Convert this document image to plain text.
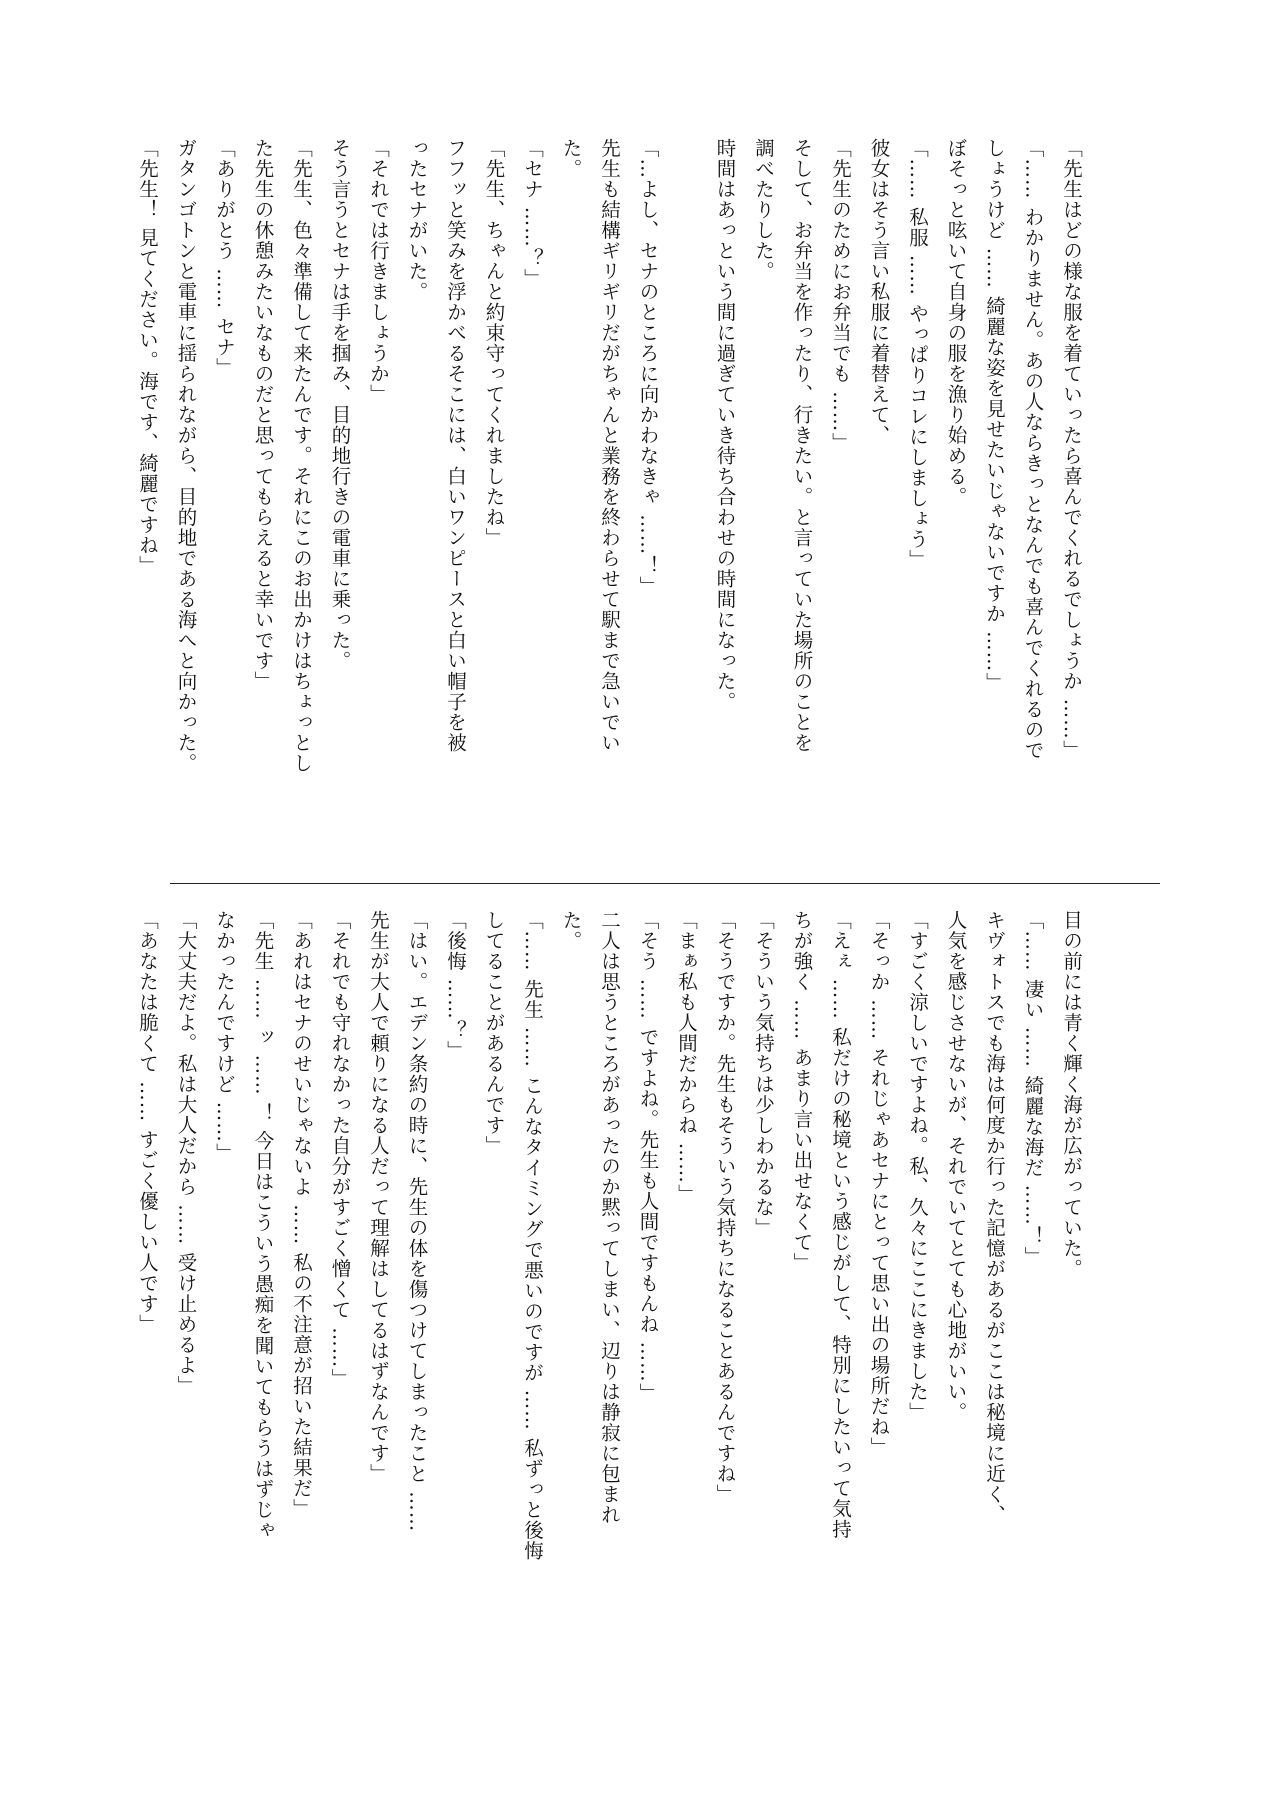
「先生はどの様な服を着ていったら喜んでくれるでしょうか ……」
「…… わかりません。あの人ならきっとなんでも喜んでくれるので
しょうけど …… 綺麗な姿を見せたいじゃないですか ……」
ぼそっと呟いて自身の服を漁り始める。
「…… 私服 …… やっぱりコレにしましょう」
彼女はそう言い私服に着替えて、
「先生のためにお弁当でも ……」
そして、お弁当を作ったり、行きたい。と言っていた場所のことを
調べたりした。
時間はあっという間に過ぎていき待ち合わせの時間になった。

「…よし、セナのところに向かわなきゃ ……！」
先生も結構ギリギリだがちゃんと業務を終わらせて駅まで急いでい
た。
「セナ ……？」
「先生、ちゃんと約束守ってくれましたね」
フフッと笑みを浮かべるそこには、白いワンピースと白い帽子を被
ったセナがいた。
「それでは行きましょうか」
そう言うとセナは手を掴み、目的地行きの電車に乗った。
「先生、色々準備して来たんです。それにこのお出かけはちょっとし
た先生の休憩みたいなものだと思ってもらえると幸いです」
「ありがとう …… セナ」
ガタンゴトンと電車に揺られながら、目的地である海へと向かった。
「先生！ 見てください。海です、綺麗ですね」
目の前には青く輝く海が広がっていた。
「…… 凄い …… 綺麗な海だ ……！」
キヴォトスでも海は何度か行った記憶があるがここは秘境に近く、
人気を感じさせないが、それでいてとても心地がいい。
「すごく涼しいですよね。私、久々にここにきました」
「そっか …… それじゃあセナにとって思い出の場所だね」
「えぇ …… 私だけの秘境という感じがして、特別にしたいって気持
ちが強く …… あまり言い出せなくて」
「そういう気持ちは少しわかるな」
「そうですか。先生もそういう気持ちになることあるんですね」
「まぁ私も人間だからね ……」
「そう …… ですよね。先生も人間ですもんね ……」
二人は思うところがあったのか黙ってしまい、辺りは静寂に包まれ
た。
「…… 先生 …… こんなタイミングで悪いのですが …… 私ずっと後悔
してることがあるんです」
「後悔 ……？」
「はい。エデン条約の時に、先生の体を傷つけてしまったこと ……
先生が大人で頼りになる人だって理解はしてるはずなんです」
「それでも守れなかった自分がすごく憎くて ……」
「あれはセナのせいじゃないよ …… 私の不注意が招いた結果だ」
「先生 …… ッ …… ！ 今日はこういう愚痴を聞いてもらうはずじゃ
なかったんですけど ……」
「大丈夫だよ。私は大人だから …… 受け止めるよ」
「あなたは脆くて …… すごく優しい人です」
